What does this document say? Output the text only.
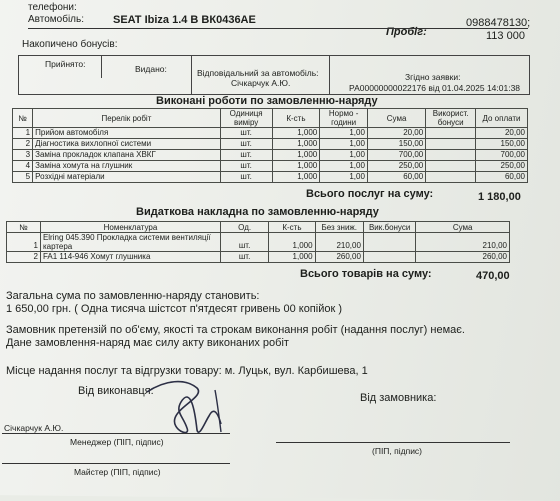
телефони:
Автомобіль:	SEAT Ibiza 1.4 В ВК0436АЕ	0988478130;
Пробіг:	113 000
Накопичено бонусів:
Прийнято:	Видано:	Відповідальний за автомобіль:
Січкарчук А.Ю.
Згідно заявки:
РА00000000022176 від 01.04.2025 14:01:38
Виконані роботи по замовленню-наряду
№	Перелік робіт	Одиниця виміру	К-сть	Нормо - години	Сума	Використ. бонуси	До оплати
1	Прийом автомобіля	шт.	1,000	1,00	20,00		20,00
2	Діагностика вихлопної системи	шт.	1,000	1,00	150,00		150,00
3	Заміна прокладок клапана ХВКГ	шт.	1,000	1,00	700,00		700,00
4	Заміна хомута на глушник	шт.	1,000	1,00	250,00		250,00
5	Розхідні матеріали	шт.	1,000	1,00	60,00		60,00
Всього послуг на суму:	1 180,00
Видаткова накладна по замовленню-наряду
№	Номенклатура	Од.	К-сть	Без зниж.	Вик.бонуси	Сума
1	Elring 045.390 Прокладка системи вентиляції картера	шт.	1,000	210,00		210,00
2	FA1 114-946 Хомут глушника	шт.	1,000	260,00		260,00
Всього товарів на суму:	470,00
Загальна сума по замовленню-наряду становить:
1 650,00 грн. ( Одна тисяча шістсот п'ятдесят гривень 00 копійок )
Замовник претензій по об'єму, якості та строкам виконання робіт (надання послуг) немає.
Дане замовлення-наряд має силу акту виконаних робіт
Місце надання послуг та відгрузки товару: м. Луцьк, вул. Карбишева, 1
Від виконавця:
Від замовника:
Січкарчук А.Ю.
Менеджер (ПІП, підпис)
(ПІП, підпис)
Майстер (ПІП, підпис)
